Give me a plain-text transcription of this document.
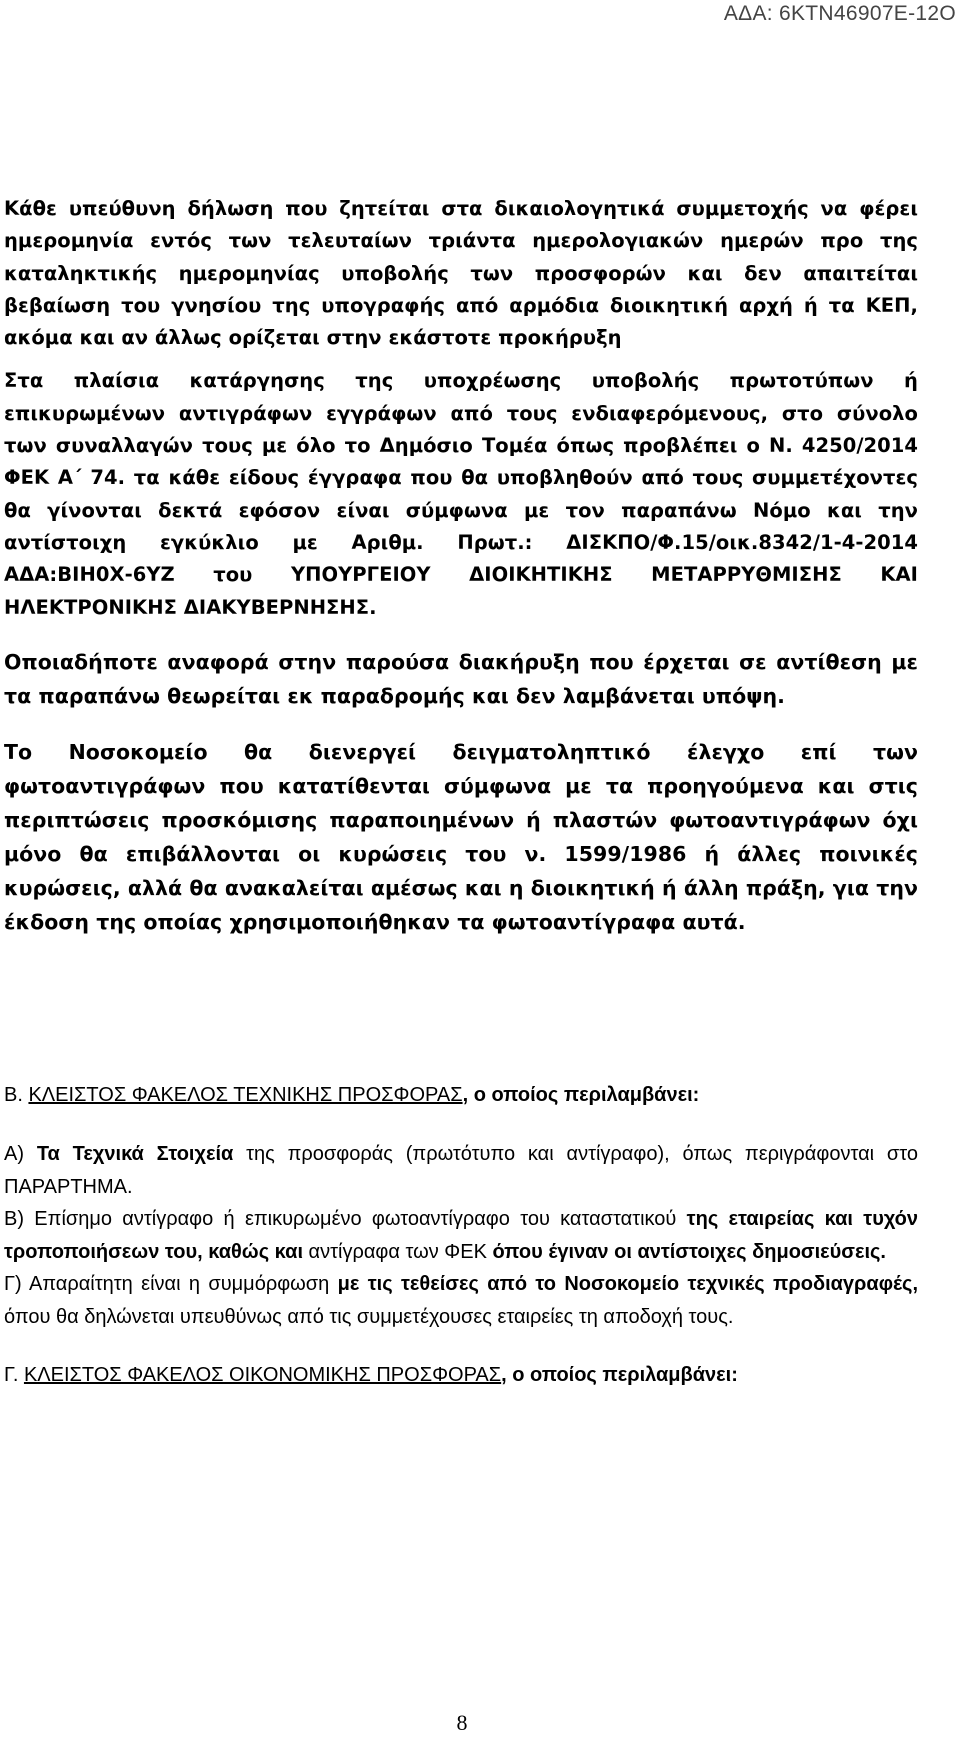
ΑΔΑ: 6ΚΤΝ46907Ε-12Ο

Κάθε υπεύθυνη δήλωση που ζητείται στα δικαιολογητικά συμμετοχής να φέρει ημερομηνία εντός των τελευταίων τριάντα ημερολογιακών ημερών προ της καταληκτικής ημερομηνίας υποβολής των προσφορών και δεν απαιτείται βεβαίωση του γνησίου της υπογραφής από αρμόδια διοικητική αρχή ή τα ΚΕΠ, ακόμα και αν άλλως ορίζεται στην εκάστοτε προκήρυξη

Στα πλαίσια κατάργησης της υποχρέωσης υποβολής πρωτοτύπων ή επικυρωμένων αντιγράφων εγγράφων από τους ενδιαφερόμενους, στο σύνολο των συναλλαγών τους με όλο το Δημόσιο Τομέα όπως προβλέπει ο Ν. 4250/2014 ΦΕΚ Α΄ 74. τα κάθε είδους έγγραφα που θα υποβληθούν από τους συμμετέχοντες θα γίνονται δεκτά εφόσον είναι σύμφωνα με τον παραπάνω Νόμο και την αντίστοιχη εγκύκλιο με Αριθμ. Πρωτ.: ΔΙΣΚΠΟ/Φ.15/οικ.8342/1-4-2014 ΑΔΑ:ΒΙΗ0Χ-6ΥΖ του ΥΠΟΥΡΓΕΙΟΥ ΔΙΟΙΚΗΤΙΚΗΣ ΜΕΤΑΡΡΥΘΜΙΣΗΣ ΚΑΙ ΗΛΕΚΤΡΟΝΙΚΗΣ ΔΙΑΚΥΒΕΡΝΗΣΗΣ.

Οποιαδήποτε αναφορά στην παρούσα διακήρυξη που έρχεται σε αντίθεση με τα παραπάνω θεωρείται εκ παραδρομής και δεν λαμβάνεται υπόψη.

Το Νοσοκομείο θα διενεργεί δειγματοληπτικό έλεγχο επί των φωτοαντιγράφων που κατατίθενται σύμφωνα με τα προηγούμενα και στις περιπτώσεις προσκόμισης παραποιημένων ή πλαστών φωτοαντιγράφων όχι μόνο θα επιβάλλονται οι κυρώσεις του ν. 1599/1986 ή άλλες ποινικές κυρώσεις, αλλά θα ανακαλείται αμέσως και η διοικητική ή άλλη πράξη, για την έκδοση της οποίας χρησιμοποιήθηκαν τα φωτοαντίγραφα αυτά.

Β. ΚΛΕΙΣΤΟΣ ΦΑΚΕΛΟΣ ΤΕΧΝΙΚΗΣ ΠΡΟΣΦΟΡΑΣ, ο οποίος περιλαμβάνει:

Α) Τα Τεχνικά Στοιχεία της προσφοράς (πρωτότυπο και αντίγραφο), όπως περιγράφονται στο ΠΑΡΑΡΤΗΜΑ.

Β) Επίσημο αντίγραφο ή επικυρωμένο φωτοαντίγραφο του καταστατικού της εταιρείας και τυχόν τροποποιήσεων του, καθώς και αντίγραφα των ΦΕΚ όπου έγιναν οι αντίστοιχες δημοσιεύσεις.

Γ) Απαραίτητη είναι η συμμόρφωση με τις τεθείσες από το Νοσοκομείο τεχνικές προδιαγραφές, όπου θα δηλώνεται υπευθύνως από τις συμμετέχουσες εταιρείες τη αποδοχή τους.

Γ. ΚΛΕΙΣΤΟΣ ΦΑΚΕΛΟΣ ΟΙΚΟΝΟΜΙΚΗΣ ΠΡΟΣΦΟΡΑΣ, ο οποίος περιλαμβάνει:

8
